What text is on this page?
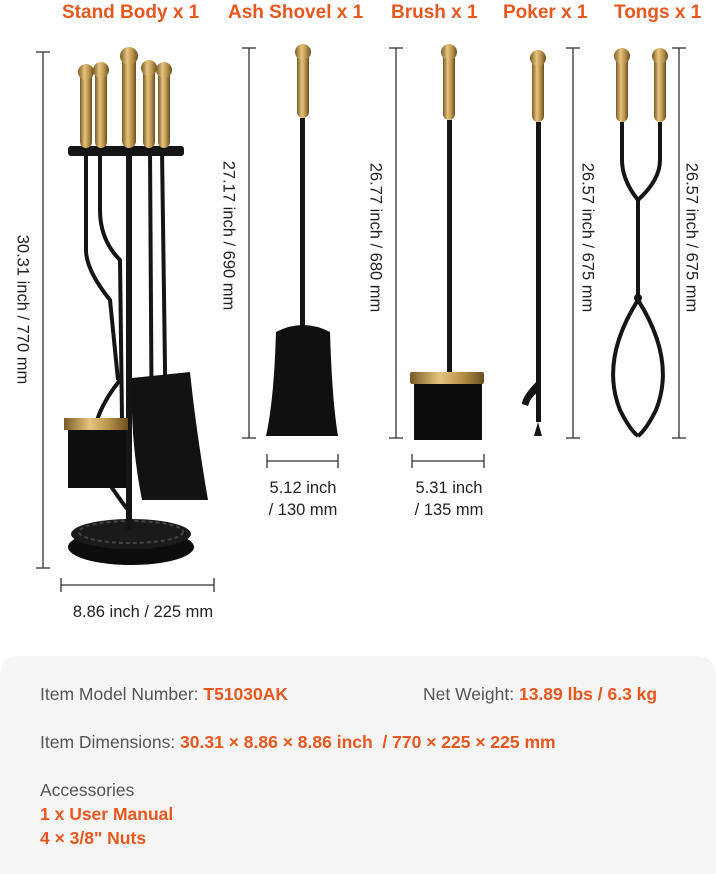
Stand Body x 1 Ash Shovel x 1 Brush x 1 Poker x 1 Tongs x 1
30.31 inch / 770 mm	27.17 inch / 690 mm	26.77 inch / 680 mm	26.57 inch / 675 mm	26.57 inch / 675 mm
8.86 inch / 225 mm
5.12 inch
/ 130 mm
5.31 inch
/ 135 mm
Item Model Number: T51030AK	Net Weight: 13.89 lbs / 6.3 kg
Item Dimensions: 30.31 × 8.86 × 8.86 inch  / 770 × 225 × 225 mm
Accessories
1 x User Manual
4 × 3/8" Nuts
